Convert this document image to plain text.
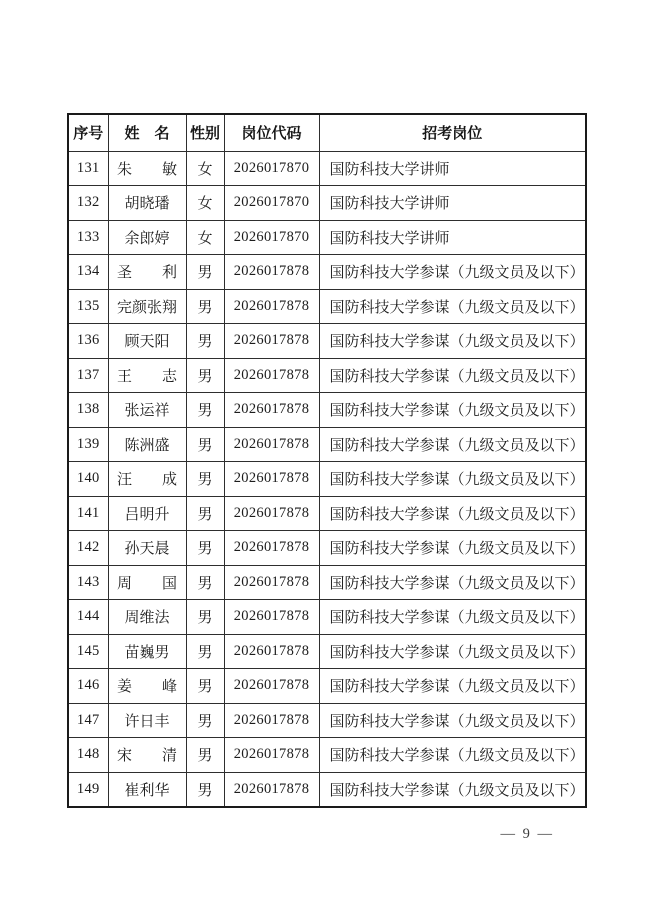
序号	姓　名	性别	岗位代码	招考岗位
131	朱　　敏	女	2026017870	国防科技大学讲师
132	胡晓璠	女	2026017870	国防科技大学讲师
133	余郎婷	女	2026017870	国防科技大学讲师
134	圣　　利	男	2026017878	国防科技大学参谋（九级文员及以下）
135	完颜张翔	男	2026017878	国防科技大学参谋（九级文员及以下）
136	顾天阳	男	2026017878	国防科技大学参谋（九级文员及以下）
137	王　　志	男	2026017878	国防科技大学参谋（九级文员及以下）
138	张运祥	男	2026017878	国防科技大学参谋（九级文员及以下）
139	陈洲盛	男	2026017878	国防科技大学参谋（九级文员及以下）
140	汪　　成	男	2026017878	国防科技大学参谋（九级文员及以下）
141	吕明升	男	2026017878	国防科技大学参谋（九级文员及以下）
142	孙天晨	男	2026017878	国防科技大学参谋（九级文员及以下）
143	周　　国	男	2026017878	国防科技大学参谋（九级文员及以下）
144	周维法	男	2026017878	国防科技大学参谋（九级文员及以下）
145	苗巍男	男	2026017878	国防科技大学参谋（九级文员及以下）
146	姜　　峰	男	2026017878	国防科技大学参谋（九级文员及以下）
147	许日丰	男	2026017878	国防科技大学参谋（九级文员及以下）
148	宋　　清	男	2026017878	国防科技大学参谋（九级文员及以下）
149	崔利华	男	2026017878	国防科技大学参谋（九级文员及以下）
— 9 —
